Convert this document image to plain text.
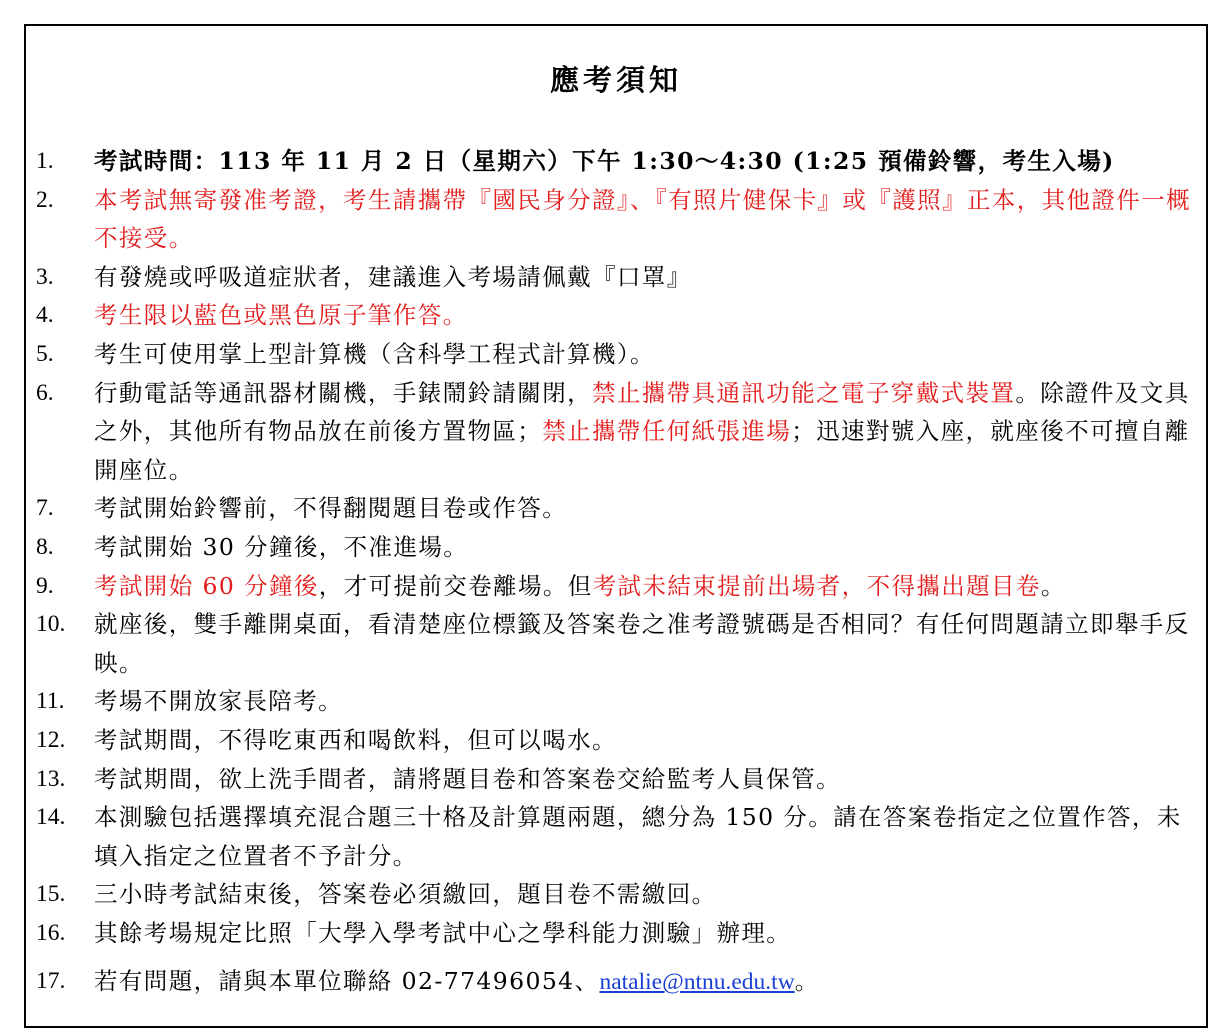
應考須知
1.	考試時間：113 年 11 月 2 日（星期六）下午 1:30～4:30 (1:25 預備鈴響，考生入場)
2.	本考試無寄發准考證，考生請攜帶『國民身分證』、『有照片健保卡』或『護照』正本，其他證件一概不接受。
3.	有發燒或呼吸道症狀者，建議進入考場請佩戴『口罩』
4.	考生限以藍色或黑色原子筆作答。
5.	考生可使用掌上型計算機（含科學工程式計算機）。
6.	行動電話等通訊器材關機，手錶鬧鈴請關閉，禁止攜帶具通訊功能之電子穿戴式裝置。除證件及文具之外，其他所有物品放在前後方置物區；禁止攜帶任何紙張進場；迅速對號入座，就座後不可擅自離開座位。
7.	考試開始鈴響前，不得翻閱題目卷或作答。
8.	考試開始 30 分鐘後，不准進場。
9.	考試開始 60 分鐘後，才可提前交卷離場。但考試未結束提前出場者，不得攜出題目卷。
10.	就座後，雙手離開桌面，看清楚座位標籤及答案卷之准考證號碼是否相同？有任何問題請立即舉手反映。
11.	考場不開放家長陪考。
12.	考試期間，不得吃東西和喝飲料，但可以喝水。
13.	考試期間，欲上洗手間者，請將題目卷和答案卷交給監考人員保管。
14.	本測驗包括選擇填充混合題三十格及計算題兩題，總分為 150 分。請在答案卷指定之位置作答，未填入指定之位置者不予計分。
15.	三小時考試結束後，答案卷必須繳回，題目卷不需繳回。
16.	其餘考場規定比照「大學入學考試中心之學科能力測驗」辦理。
17.	若有問題，請與本單位聯絡 02-77496054、natalie@ntnu.edu.tw。
